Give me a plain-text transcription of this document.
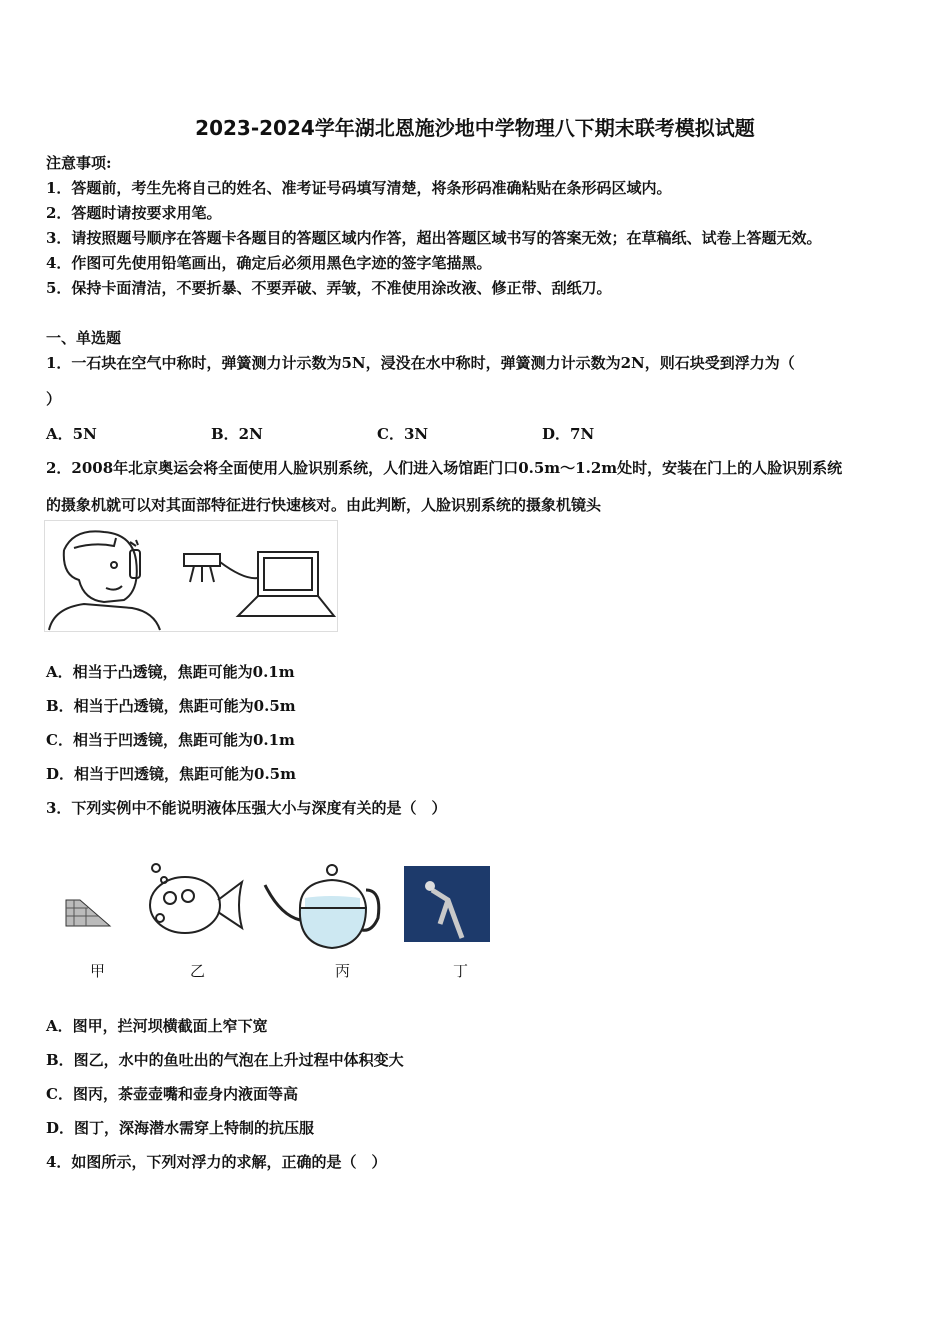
2023-2024学年湖北恩施沙地中学物理八下期末联考模拟试题
注意事项:
1．答题前，考生先将自己的姓名、准考证号码填写清楚，将条形码准确粘贴在条形码区域内。
2．答题时请按要求用笔。
3．请按照题号顺序在答题卡各题目的答题区域内作答，超出答题区域书写的答案无效；在草稿纸、试卷上答题无效。
4．作图可先使用铅笔画出，确定后必须用黑色字迹的签字笔描黑。
5．保持卡面清洁，不要折暴、不要弄破、弄皱，不准使用涂改液、修正带、刮纸刀。
一、单选题
1．一石块在空气中称时，弹簧测力计示数为5N，浸没在水中称时，弹簧测力计示数为2N，则石块受到浮力为（
）
A．5N	B．2N	C．3N	D．7N
2．2008年北京奥运会将全面使用人脸识别系统，人们进入场馆距门口0.5m～1.2m处时，安装在门上的人脸识别系统
的摄象机就可以对其面部特征进行快速核对。由此判断，人脸识别系统的摄象机镜头
A．相当于凸透镜，焦距可能为0.1m
B．相当于凸透镜，焦距可能为0.5m
C．相当于凹透镜，焦距可能为0.1m
D．相当于凹透镜，焦距可能为0.5m
3．下列实例中不能说明液体压强大小与深度有关的是（　）
甲	乙	丙	丁
A．图甲，拦河坝横截面上窄下宽
B．图乙，水中的鱼吐出的气泡在上升过程中体积变大
C．图丙，茶壶壶嘴和壶身内液面等高
D．图丁，深海潜水需穿上特制的抗压服
4．如图所示，下列对浮力的求解，正确的是（　）
